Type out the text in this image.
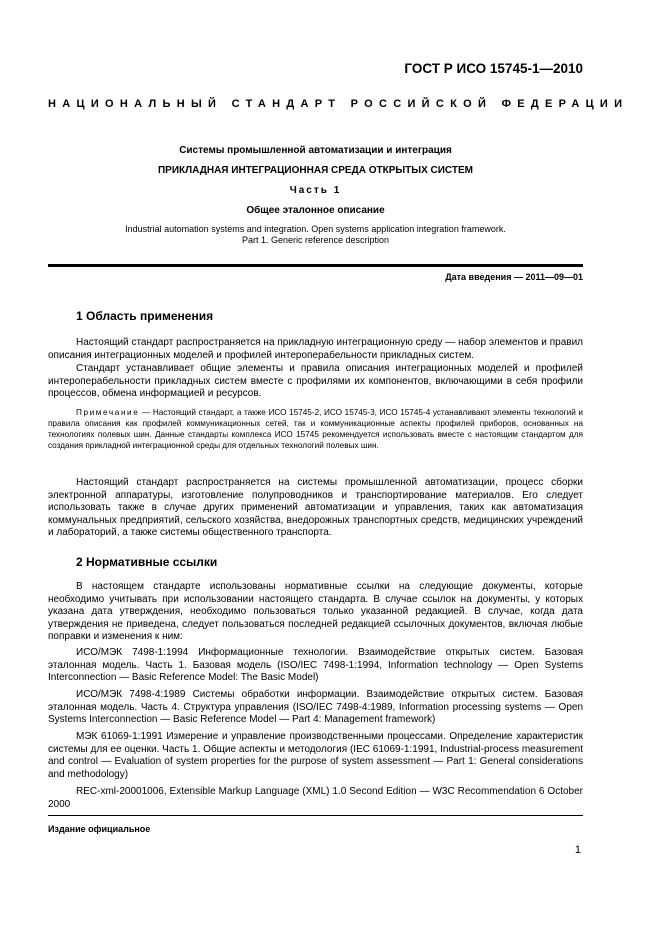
ГОСТ Р ИСО 15745-1—2010
НАЦИОНАЛЬНЫЙ СТАНДАРТ РОССИЙСКОЙ ФЕДЕРАЦИИ
Системы промышленной автоматизации и интеграция
ПРИКЛАДНАЯ ИНТЕГРАЦИОННАЯ СРЕДА ОТКРЫТЫХ СИСТЕМ
Часть 1
Общее эталонное описание
Industrial automation systems and integration. Open systems application integration framework.
Part 1. Generic reference description
Дата введения — 2011—09—01
1 Область применения

Настоящий стандарт распространяется на прикладную интеграционную среду — набор элементов и правил описания интеграционных моделей и профилей интероперабельности прикладных систем.

Стандарт устанавливает общие элементы и правила описания интеграционных моделей и профилей интероперабельности прикладных систем вместе с профилями их компонентов, включающими в себя профили процессов, обмена информацией и ресурсов.

Примечание — Настоящий стандарт, а также ИСО 15745-2, ИСО 15745-3, ИСО 15745-4 устанавливают элементы технологий и правила описания как профилей коммуникационных сетей, так и коммуникационные аспекты профилей приборов, основанных на технологиях полевых шин. Данные стандарты комплекса ИСО 15745 рекомендуется использовать вместе с настоящим стандартом для создания прикладной интеграционной среды для отдельных технологий полевых шин.

Настоящий стандарт распространяется на системы промышленной автоматизации, процесс сборки электронной аппаратуры, изготовление полупроводников и транспортирование материалов. Его следует использовать также в случае других применений автоматизации и управления, таких как автоматизация коммунальных предприятий, сельского хозяйства, внедорожных транспортных средств, медицинских учреждений и лабораторий, а также системы общественного транспорта.

2 Нормативные ссылки

В настоящем стандарте использованы нормативные ссылки на следующие документы, которые необходимо учитывать при использовании настоящего стандарта. В случае ссылок на документы, у которых указана дата утверждения, необходимо пользоваться только указанной редакцией. В случае, когда дата утверждения не приведена, следует пользоваться последней редакцией ссылочных документов, включая любые поправки и изменения к ним:

ИСО/МЭК 7498-1:1994 Информационные технологии. Взаимодействие открытых систем. Базовая эталонная модель. Часть 1. Базовая модель (ISO/IEC 7498-1:1994, Information technology — Open Systems Interconnection — Basic Reference Model: The Basic Model)

ИСО/МЭК 7498-4:1989 Системы обработки информации. Взаимодействие открытых систем. Базовая эталонная модель. Часть 4. Структура управления (ISO/IEC 7498-4:1989, Information processing systems — Open Systems Interconnection — Basic Reference Model — Part 4: Management framework)

МЭК 61069-1:1991 Измерение и управление производственными процессами. Определение характеристик системы для ее оценки. Часть 1. Общие аспекты и методология (IEC 61069-1:1991, Industrial-process measurement and control — Evaluation of system properties for the purpose of system assessment — Part 1: General considerations and methodology)

REC-xml-20001006, Extensible Markup Language (XML) 1.0 Second Edition — W3C Recommendation 6 October 2000

Издание официальное
1
